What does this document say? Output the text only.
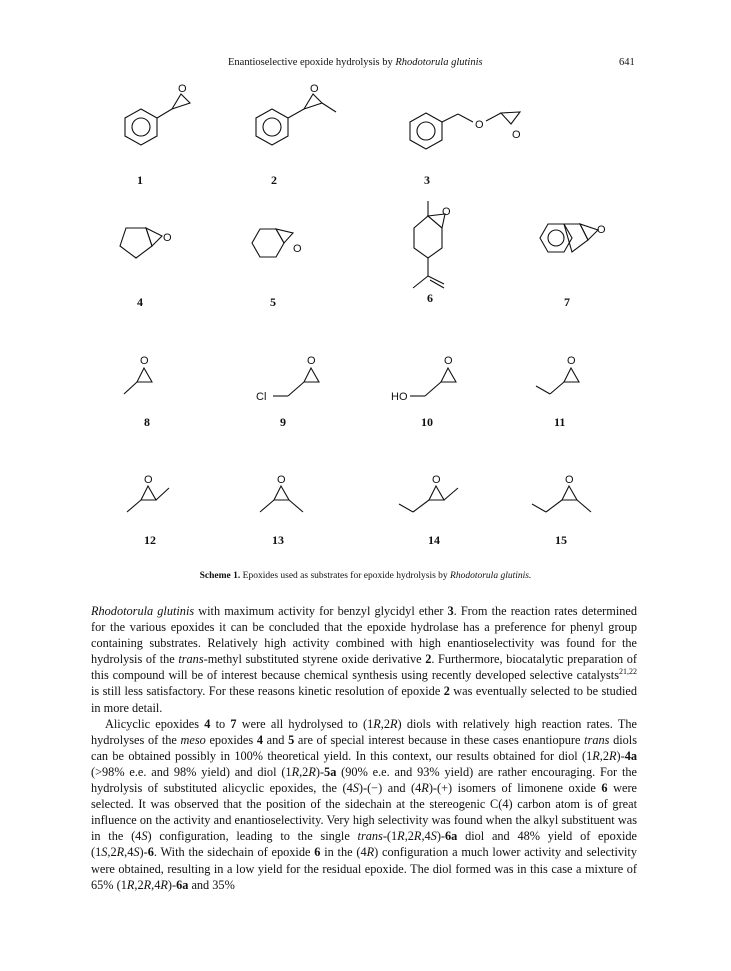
Enantioselective epoxide hydrolysis by Rhodotorula glutinis	641
O
1
O
2
O
O
3
O
4
O
5
O
6
O
7
O
8
O
Cl
9
O
HO
10
O
11
O
12
O
13
O
14
O
15
Scheme 1. Epoxides used as substrates for epoxide hydrolysis by Rhodotorula glutinis.

Rhodotorula glutinis with maximum activity for benzyl glycidyl ether 3. From the reaction rates determined for the various epoxides it can be concluded that the epoxide hydrolase has a preference for phenyl group containing substrates. Relatively high activity combined with high enantioselectivity was found for the hydrolysis of the trans-methyl substituted styrene oxide derivative 2. Furthermore, biocatalytic preparation of this compound will be of interest because chemical synthesis using recently developed selective catalysts$^{21,22}$ is still less satisfactory. For these reasons kinetic resolution of epoxide 2 was eventually selected to be studied in more detail.

Alicyclic epoxides 4 to 7 were all hydrolysed to (1R,2R) diols with relatively high reaction rates. The hydrolyses of the meso epoxides 4 and 5 are of special interest because in these cases enantiopure trans diols can be obtained possibly in 100% theoretical yield. In this context, our results obtained for diol (1R,2R)-4a (>98% e.e. and 98% yield) and diol (1R,2R)-5a (90% e.e. and 93% yield) are rather encouraging. For the hydrolysis of substituted alicyclic epoxides, the (4S)-(−) and (4R)-(+) isomers of limonene oxide 6 were selected. It was observed that the position of the sidechain at the stereogenic C(4) carbon atom is of great influence on the activity and enantioselectivity. Very high selectivity was found when the alkyl substituent was in the (4S) configuration, leading to the single trans-(1R,2R,4S)-6a diol and 48% yield of epoxide (1S,2R,4S)-6. With the sidechain of epoxide 6 in the (4R) configuration a much lower activity and selectivity were obtained, resulting in a low yield for the residual epoxide. The diol formed was in this case a mixture of 65% (1R,2R,4R)-6a and 35%
